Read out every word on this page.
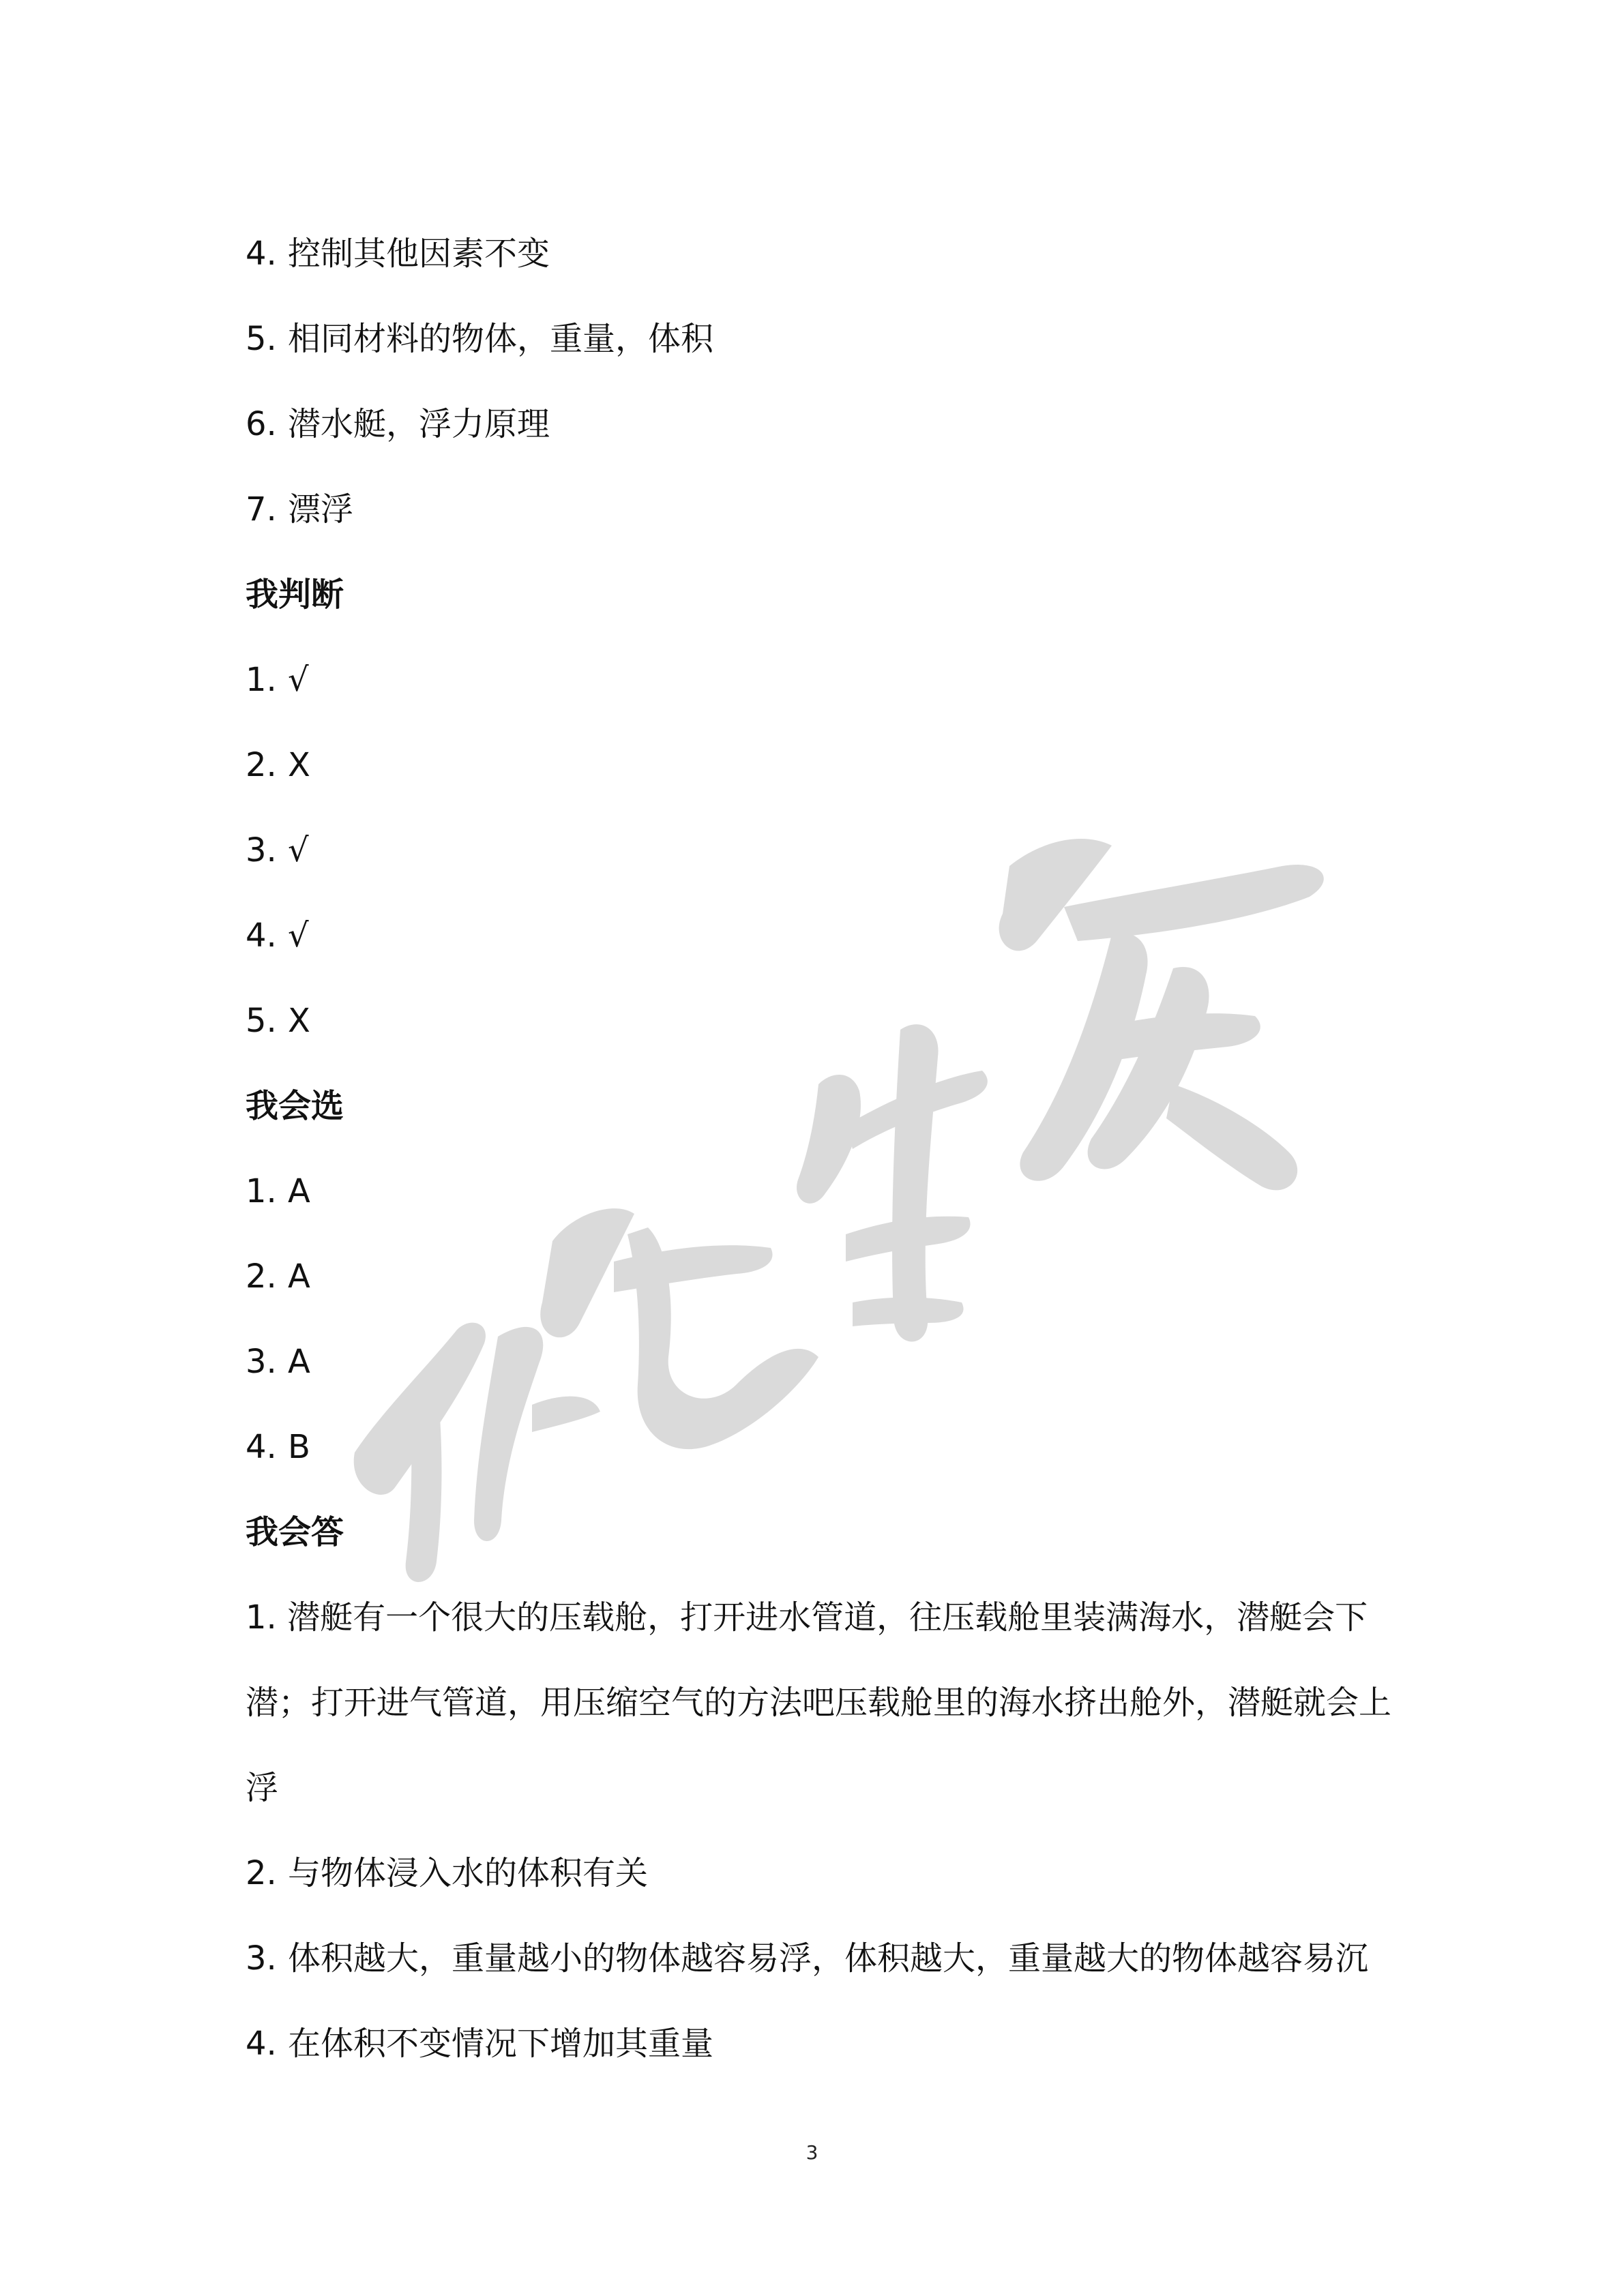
4. 控制其他因素不变
5. 相同材料的物体，重量，体积
6. 潜水艇，浮力原理
7. 漂浮
我判断
1. √
2. X
3. √
4. √
5. X
我会选
1. A
2. A
3. A
4. B
我会答
1. 潜艇有一个很大的压载舱，打开进水管道，往压载舱里装满海水，潜艇会下潜；打开进气管道，用压缩空气的方法吧压载舱里的海水挤出舱外，潜艇就会上浮
2. 与物体浸入水的体积有关
3. 体积越大，重量越小的物体越容易浮，体积越大，重量越大的物体越容易沉
4. 在体积不变情况下增加其重量
3
